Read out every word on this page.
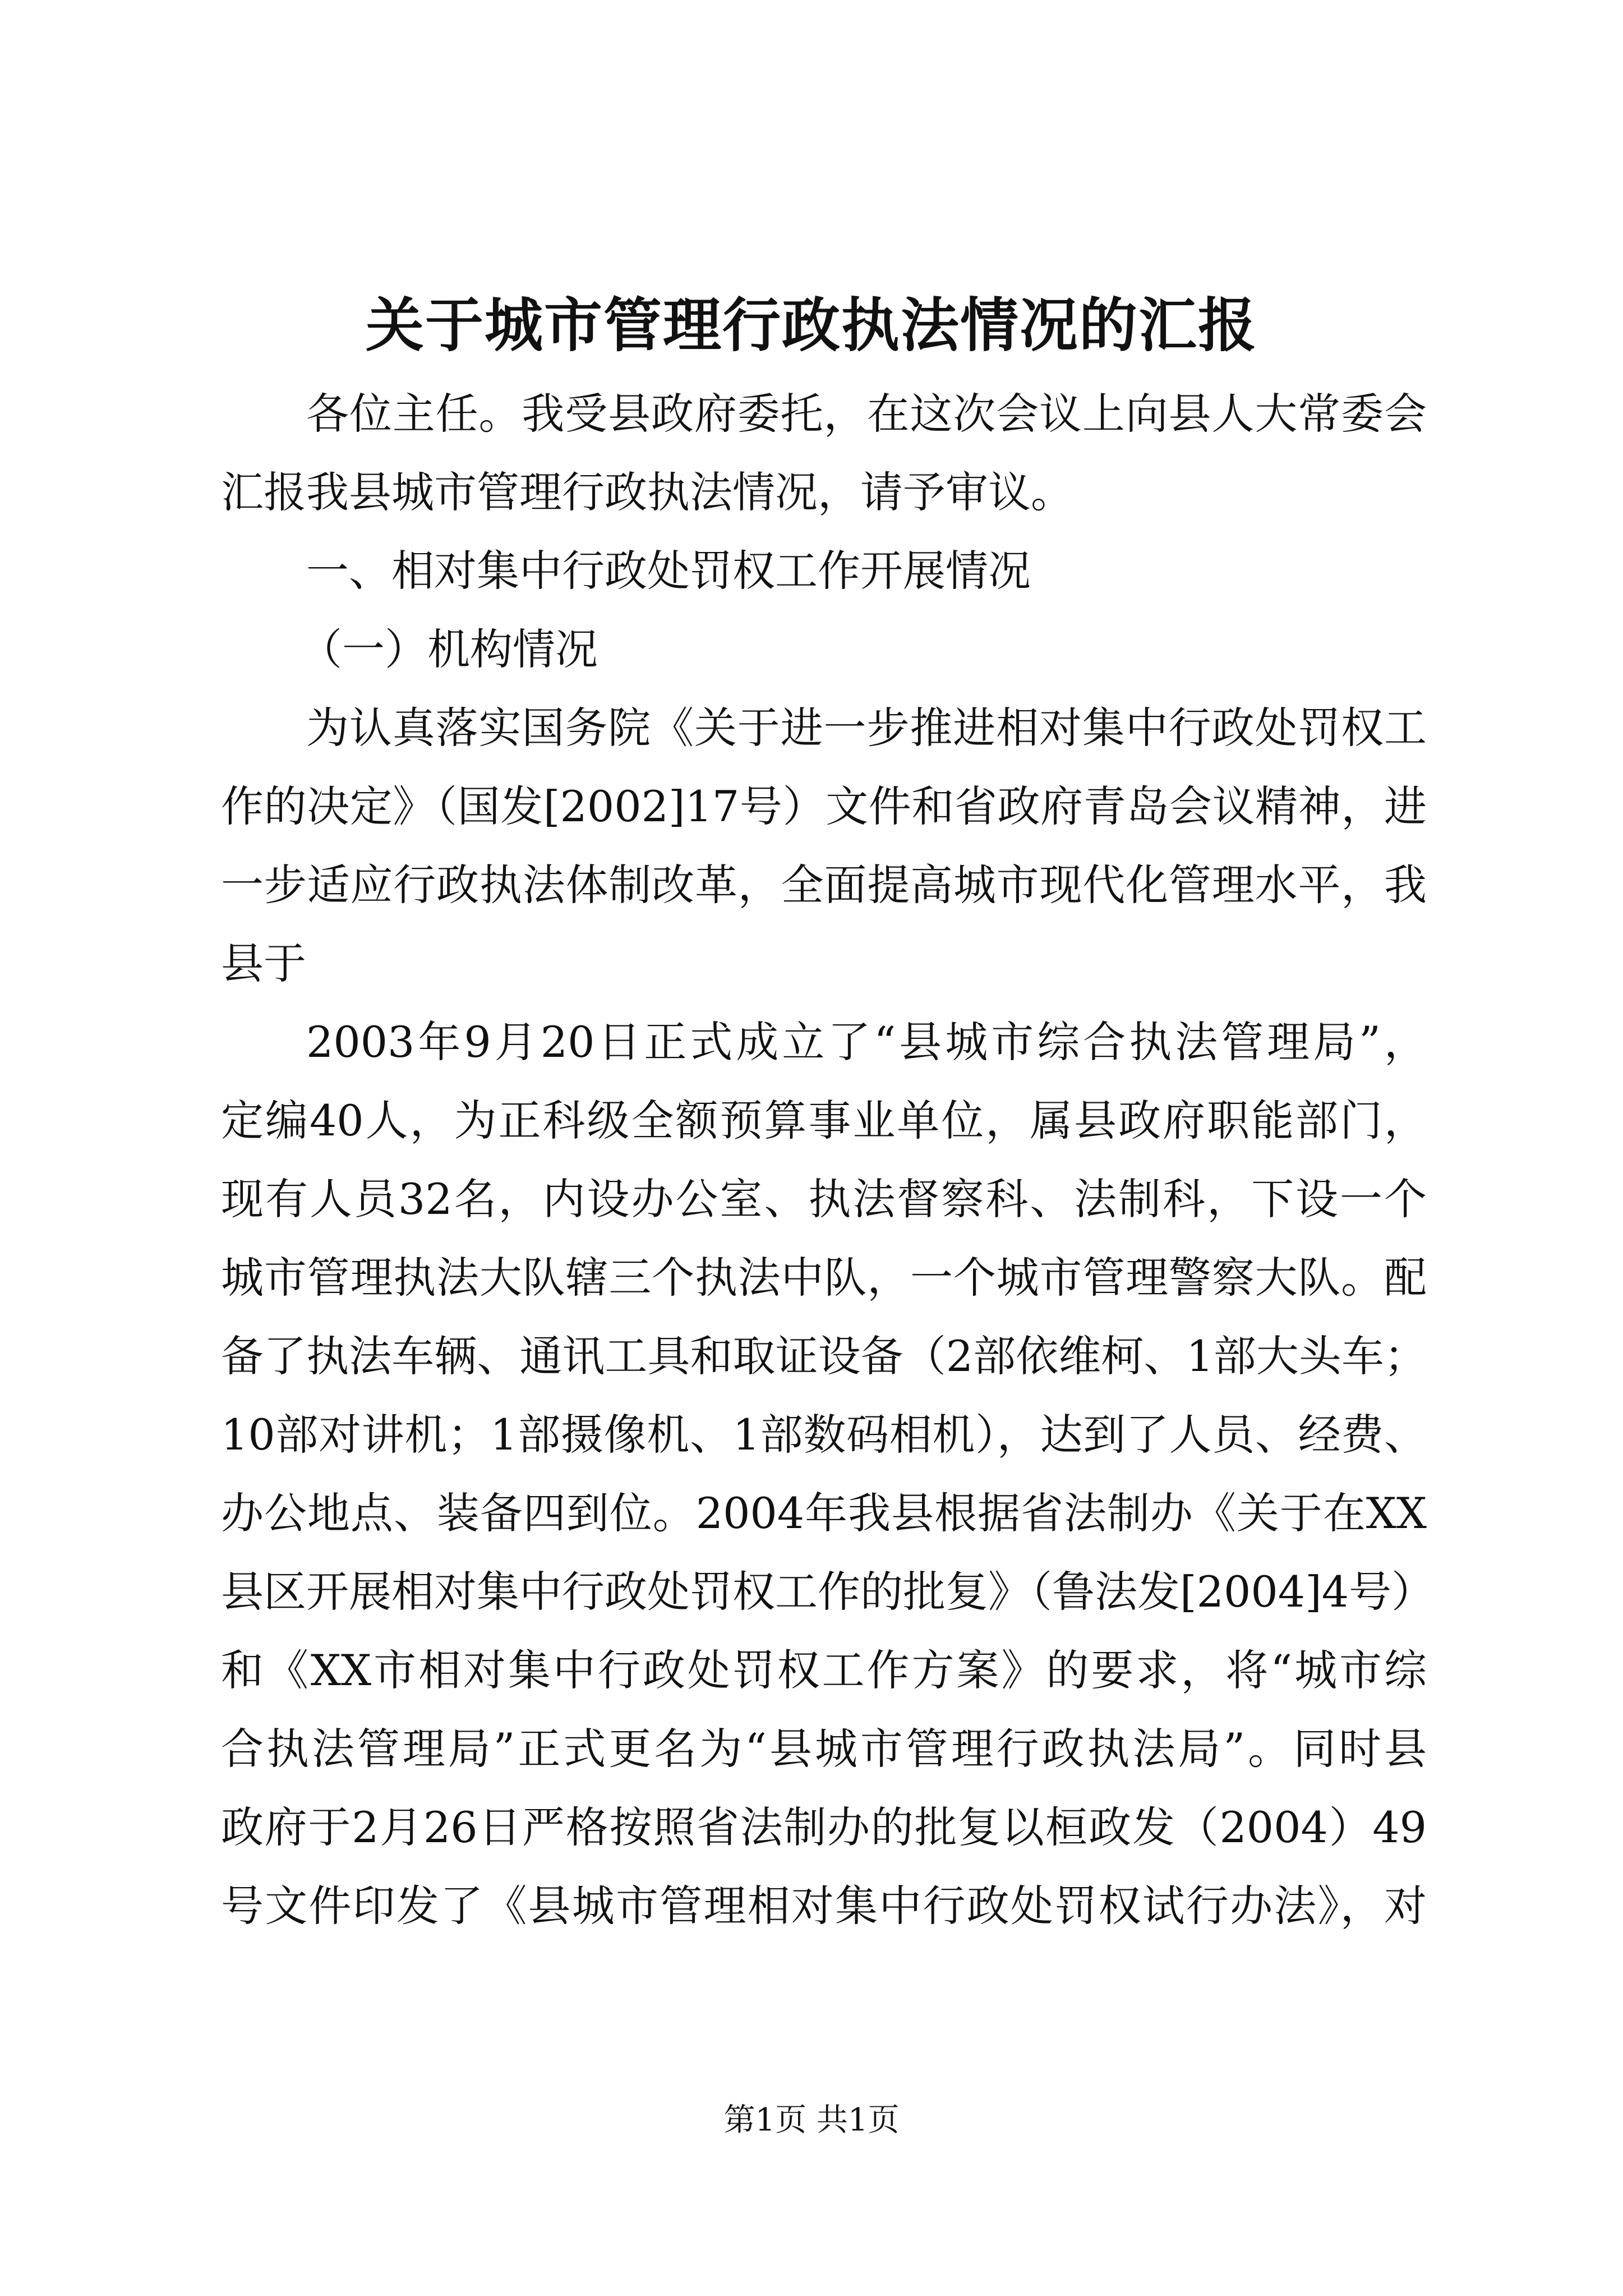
关于城市管理行政执法情况的汇报

各位主任。我受县政府委托，在这次会议上向县人大常委会

汇报我县城市管理行政执法情况，请予审议。

一、相对集中行政处罚权工作开展情况

（一）机构情况

为认真落实国务院《关于进一步推进相对集中行政处罚权工

作的决定》（国发[2002]17号）文件和省政府青岛会议精神，进

一步适应行政执法体制改革，全面提高城市现代化管理水平，我

县于

2003年9月20日正式成立了“县城市综合执法管理局”，

定编40人，为正科级全额预算事业单位，属县政府职能部门，

现有人员32名，内设办公室、执法督察科、法制科，下设一个

城市管理执法大队辖三个执法中队，一个城市管理警察大队。配

备了执法车辆、通讯工具和取证设备（2部依维柯、1部大头车；

10部对讲机；1部摄像机、1部数码相机），达到了人员、经费、

办公地点、装备四到位。2004年我县根据省法制办《关于在XX

县区开展相对集中行政处罚权工作的批复》（鲁法发[2004]4号）

和《XX市相对集中行政处罚权工作方案》的要求，将“城市综

合执法管理局”正式更名为“县城市管理行政执法局”。同时县

政府于2月26日严格按照省法制办的批复以桓政发（2004）49

号文件印发了《县城市管理相对集中行政处罚权试行办法》，对

第1页 共1页
